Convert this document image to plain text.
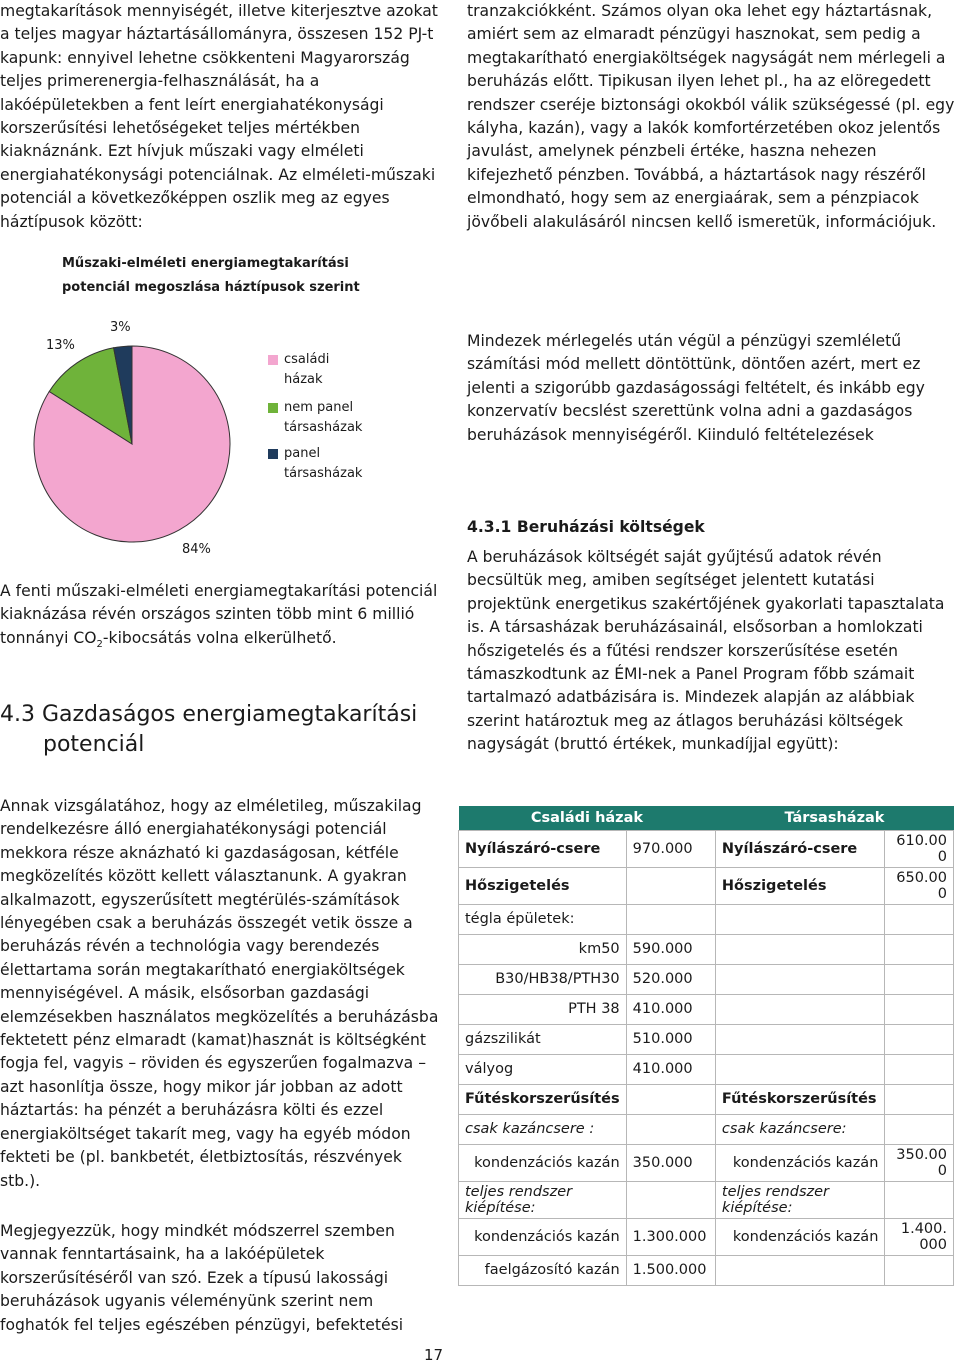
megtakarítások mennyiségét, illetve kiterjesztve azokat a teljes magyar háztartásállományra, összesen 152 PJ-t kapunk: ennyivel lehetne csökkenteni Magyarország teljes primerenergia-felhasználását, ha a lakóépületekben a fent leírt energiahatékonysági korszerűsítési lehetőségeket teljes mértékben kiaknáznánk. Ezt hívjuk műszaki vagy elméleti energiahatékonysági potenciálnak. Az elméleti-műszaki potenciál a következőképpen oszlik meg az egyes háztípusok között:

Műszaki-elméleti energiamegtakarítási
potenciál megoszlása háztípusok szerint
13%
3%
84%
családi
házak
nem panel
társasházak
panel
társasházak

A fenti műszaki-elméleti energiamegtakarítási potenciál kiaknázása révén országos szinten több mint 6 millió tonnányi $CO_2$-kibocsátás volna elkerülhető.

4.3 Gazdaságos energiamegtakarítási potenciál

Annak vizsgálatához, hogy az elméletileg, műszakilag rendelkezésre álló energiahatékonysági potenciál mekkora része aknázható ki gazdaságosan, kétféle megközelítés között kellett választanunk. A gyakran alkalmazott, egyszerűsített megtérülés-számítások lényegében csak a beruházás összegét vetik össze a beruházás révén a technológia vagy berendezés élettartama során megtakarítható energiaköltségek mennyiségével. A másik, elsősorban gazdasági elemzésekben használatos megközelítés a beruházásba fektetett pénz elmaradt (kamat)hasznát is költségként fogja fel, vagyis – röviden és egyszerűen fogalmazva – azt hasonlítja össze, hogy mikor jár jobban az adott háztartás: ha pénzét a beruházásra költi és ezzel energiaköltséget takarít meg, vagy ha egyéb módon fekteti be (pl. bankbetét, életbiztosítás, részvények stb.).

Megjegyezzük, hogy mindkét módszerrel szemben vannak fenntartásaink, ha a lakóépületek korszerűsítéséről van szó. Ezek a típusú lakossági beruházások ugyanis véleményünk szerint nem foghatók fel teljes egészében pénzügyi, befektetési

17

tranzakciókként. Számos olyan oka lehet egy háztartásnak, amiért sem az elmaradt pénzügyi hasznokat, sem pedig a megtakarítható energiaköltségek nagyságát nem mérlegeli a beruházás előtt. Tipikusan ilyen lehet pl., ha az elöregedett rendszer cseréje biztonsági okokból válik szükségessé (pl. egy kályha, kazán), vagy a lakók komfortérzetében okoz jelentős javulást, amelynek pénzbeli értéke, hasznа nehezen kifejezhető pénzben. Továbbá, a háztartások nagy részéről elmondható, hogy sem az energiaárak, sem a pénzpiacok jövőbeli alakulásáról nincsen kellő ismeretük, információjuk.

Mindezek mérlegelés után végül a pénzügyi szemléletű számítási mód mellett döntöttünk, döntően azért, mert ez jelenti a szigorúbb gazdaságossági feltételt, és inkább egy konzervatív becslést szerettünk volna adni a gazdaságos beruházások mennyiségéről. Kiinduló feltételezések

4.3.1 Beruházási költségek

A beruházások költségét saját gyűjtésű adatok révén becsültük meg, amiben segítséget jelentett kutatási projektünk energetikus szakértőjének gyakorlati tapasztalata is. A társasházak beruházásainál, elsősorban a homlokzati hőszigetelés és a fűtési rendszer korszerűsítése esetén támaszkodtunk az ÉMI-nek a Panel Program főbb számait tartalmazó adatbázisára is. Mindezek alapján az alábbiak szerint határoztuk meg az átlagos beruházási költségek nagyságát (bruttó értékek, munkadíjjal együtt):

Családi házak		Társasházak	
Nyílászáró-csere	970.000	Nyílászáró-csere	610.00 0
Hőszigetelés		Hőszigetelés	650.00 0
tégla épületek:			
km50	590.000		
B30/HB38/PTH30	520.000		
PTH 38	410.000		
gázszilikát	510.000		
vályog	410.000		
Fűtéskorszerűsítés		Fűtéskorszerűsítés	
csak kazáncsere :		csak kazáncsere:	
kondenzációs kazán	350.000	kondenzációs kazán	350.00 0
teljes rendszer kiépítése:		teljes rendszer kiépítése:	
kondenzációs kazán	1.300.000	kondenzációs kazán	1.400. 000
faelgázosító kazán	1.500.000		
